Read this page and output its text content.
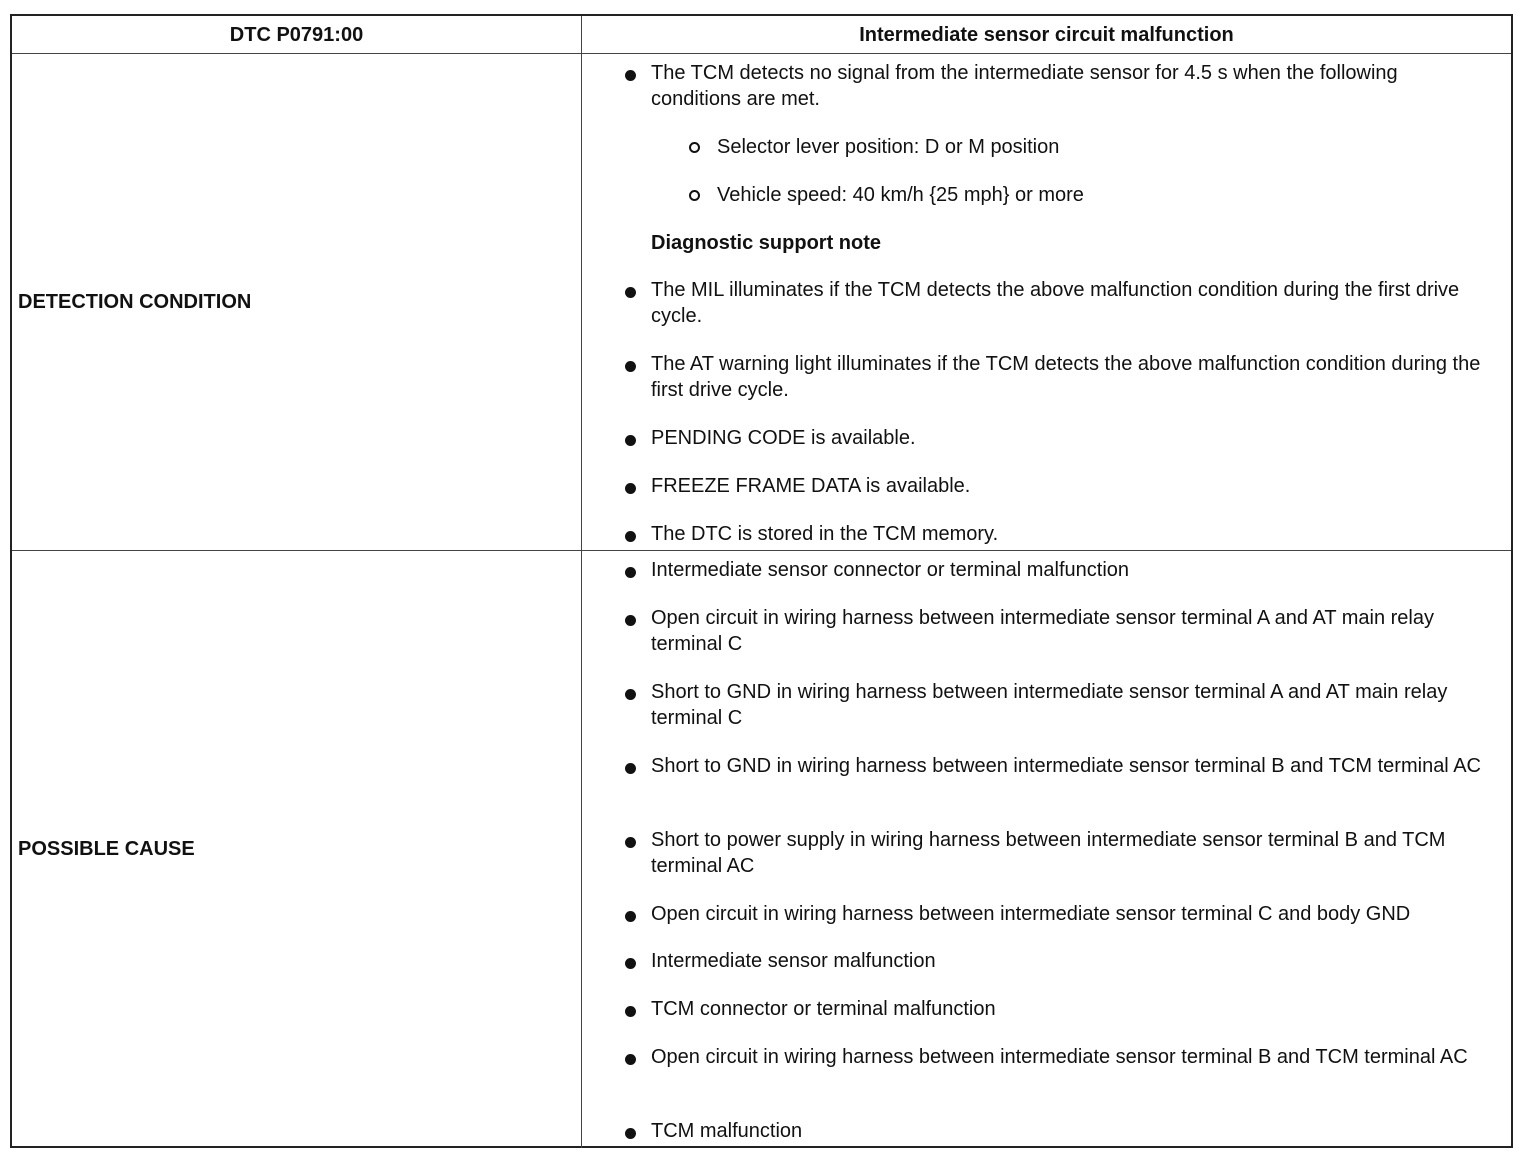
DTC P0791:00	Intermediate sensor circuit malfunction
DETECTION CONDITION
The TCM detects no signal from the intermediate sensor for 4.5 s when the following conditions are met.
Selector lever position: D or M position
Vehicle speed: 40 km/h {25 mph} or more
Diagnostic support note
The MIL illuminates if the TCM detects the above malfunction condition during the first drive cycle.
The AT warning light illuminates if the TCM detects the above malfunction condition during the first drive cycle.
PENDING CODE is available.
FREEZE FRAME DATA is available.
The DTC is stored in the TCM memory.
POSSIBLE CAUSE
Intermediate sensor connector or terminal malfunction
Open circuit in wiring harness between intermediate sensor terminal A and AT main relay terminal C
Short to GND in wiring harness between intermediate sensor terminal A and AT main relay terminal C
Short to GND in wiring harness between intermediate sensor terminal B and TCM terminal AC
Short to power supply in wiring harness between intermediate sensor terminal B and TCM terminal AC
Open circuit in wiring harness between intermediate sensor terminal C and body GND
Intermediate sensor malfunction
TCM connector or terminal malfunction
Open circuit in wiring harness between intermediate sensor terminal B and TCM terminal AC
TCM malfunction
